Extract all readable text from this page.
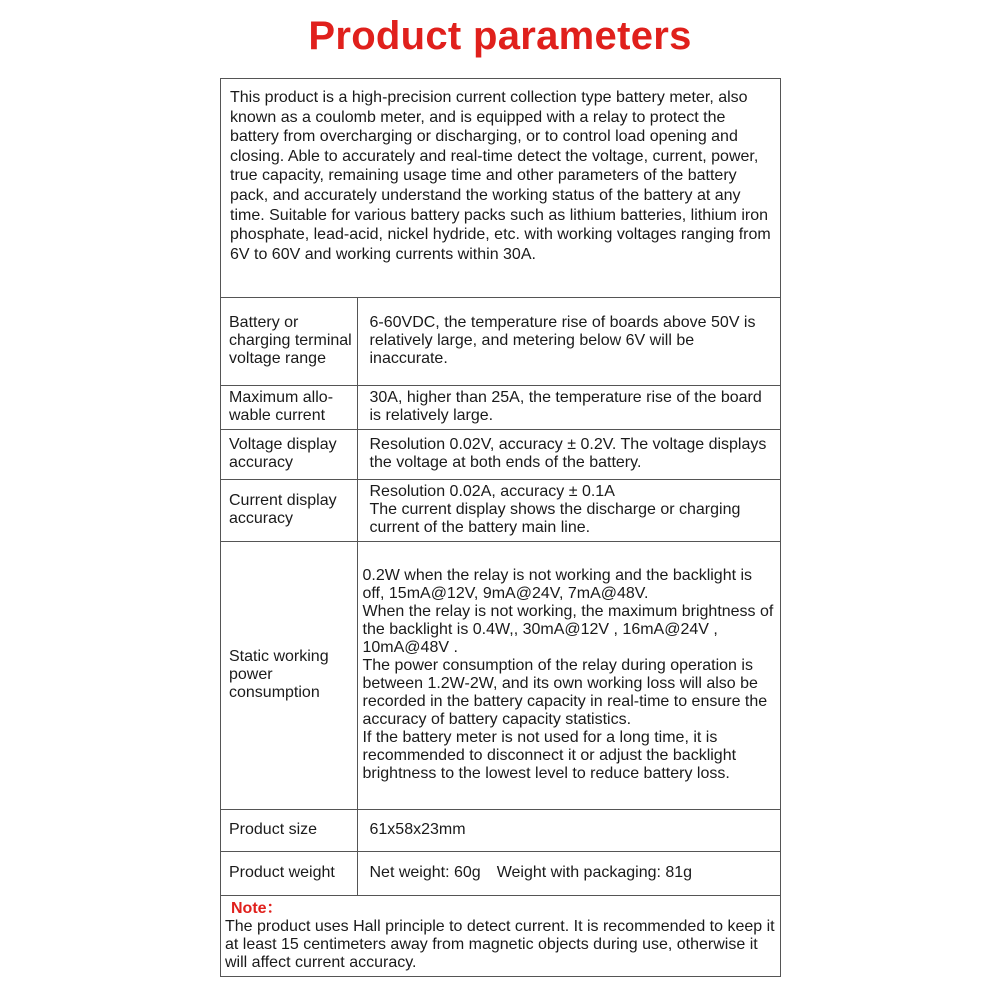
Product parameters
This product is a high-precision current collection type battery meter, also known as a coulomb meter, and is equipped with a relay to protect the battery from overcharging or discharging, or to control load opening and closing. Able to accurately and real-time detect the voltage, current, power, true capacity, remaining usage time and other parameters of the battery pack, and accurately understand the working status of the battery at any time. Suitable for various battery packs such as lithium batteries, lithium iron phosphate, lead-acid, nickel hydride, etc. with working voltages ranging from 6V to 60V and working currents within 30A.
Battery or charging terminal voltage range	6-60VDC, the temperature rise of boards above 50V is relatively large, and metering below 6V will be inaccurate.
Maximum allo-wable current	30A, higher than 25A, the temperature rise of the board is relatively large.
Voltage display accuracy	Resolution 0.02V, accuracy ± 0.2V. The voltage displays the voltage at both ends of the battery.
Current display accuracy	Resolution 0.02A, accuracy ± 0.1A
The current display shows the discharge or charging current of the battery main line.

Static working power consumption	0.2W when the relay is not working and the backlight is off, 15mA@12V, 9mA@24V, 7mA@48V.
When the relay is not working, the maximum brightness of the backlight is 0.4W,, 30mA@12V , 16mA@24V , 10mA@48V .
The power consumption of the relay during operation is between 1.2W-2W, and its own working loss will also be recorded in the battery capacity in real-time to ensure the accuracy of battery capacity statistics.
If the battery meter is not used for a long time, it is recommended to disconnect it or adjust the backlight brightness to the lowest level to reduce battery loss.

Product size	61x58x23mm
Product weight	Net weight: 60g Weight with packaging: 81g
Note：
The product uses Hall principle to detect current. It is recommended to keep it at least 15 centimeters away from magnetic objects during use, otherwise it will affect current accuracy.
